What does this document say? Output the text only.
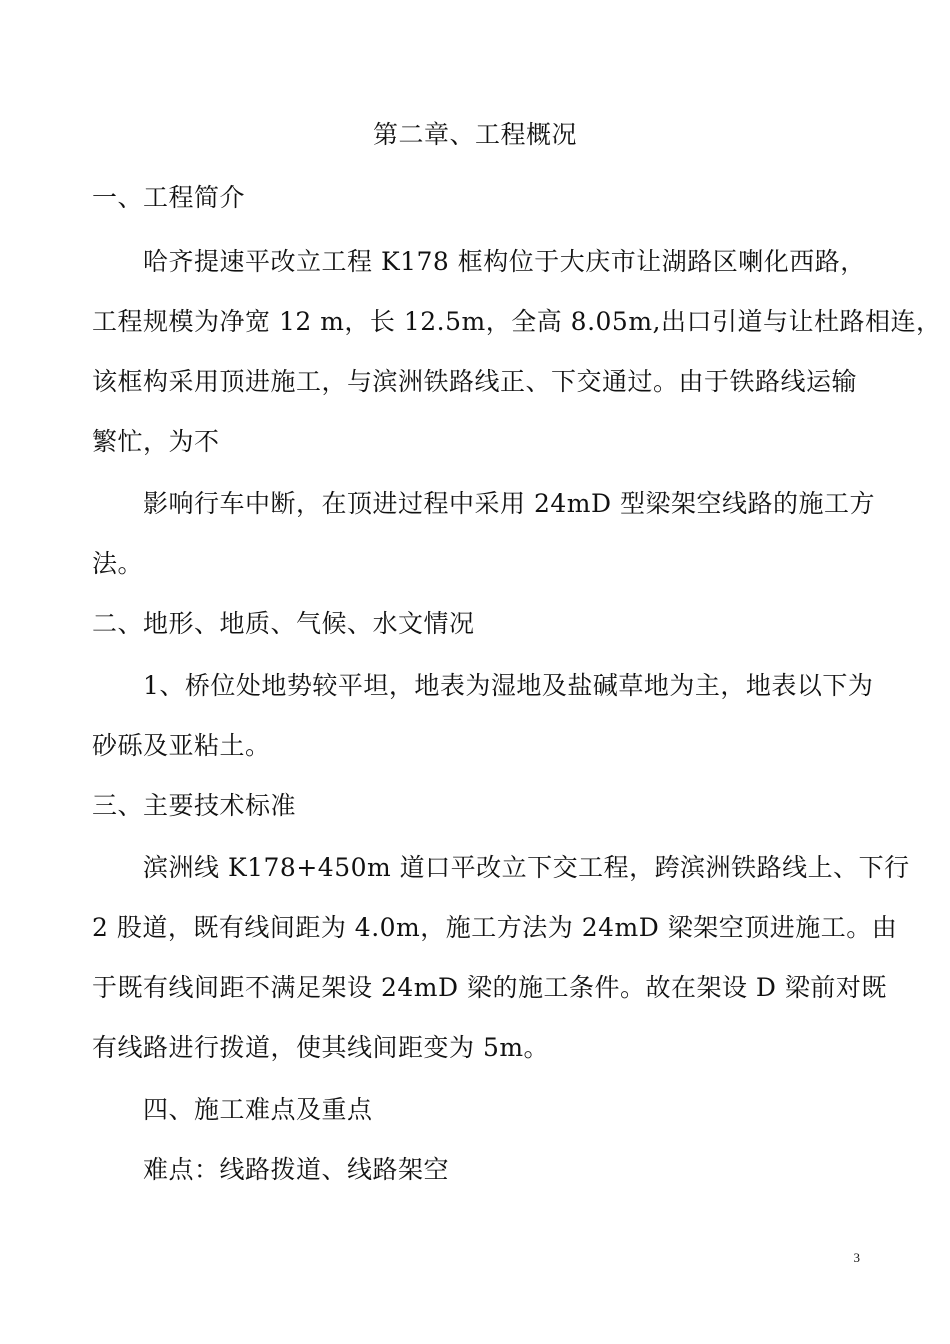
第二章、工程概况
一、工程简介
哈齐提速平改立工程 K178 框构位于大庆市让湖路区喇化西路，
工程规模为净宽 12 m，长 12.5m，全高 8.05m,出口引道与让杜路相连，
该框构采用顶进施工，与滨洲铁路线正、下交通过。由于铁路线运输
繁忙，为不
影响行车中断，在顶进过程中采用 24mD 型梁架空线路的施工方
法。
二、地形、地质、气候、水文情况
1、桥位处地势较平坦，地表为湿地及盐碱草地为主，地表以下为
砂砾及亚粘土。
三、主要技术标准
滨洲线 K178+450m 道口平改立下交工程，跨滨洲铁路线上、下行
2 股道，既有线间距为 4.0m，施工方法为 24mD 梁架空顶进施工。由
于既有线间距不满足架设 24mD 梁的施工条件。故在架设 D 梁前对既
有线路进行拨道，使其线间距变为 5m。
四、施工难点及重点
难点：线路拨道、线路架空
3
